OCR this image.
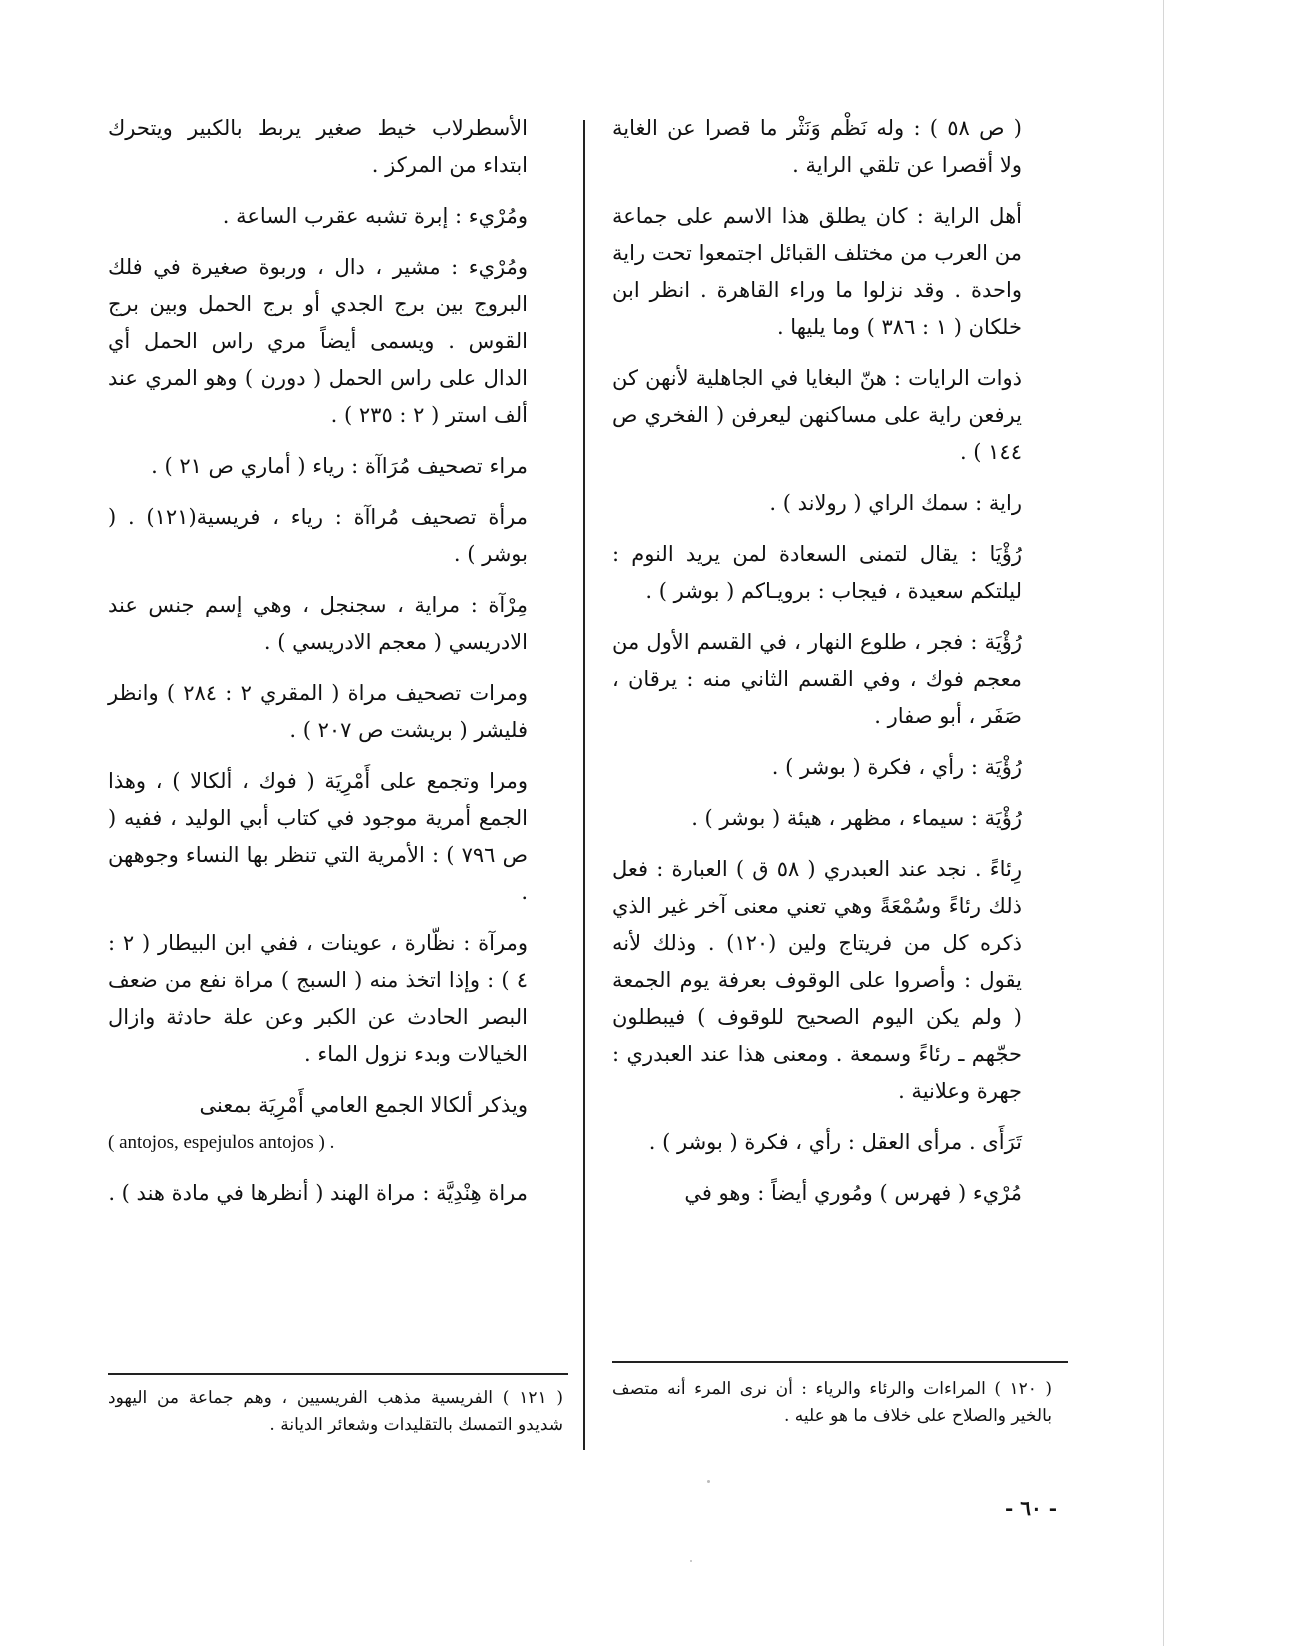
( ص ٥٨ ) : وله نَظْم وَنَثْر ما قصرا عن الغاية ولا أقصرا عن تلقي الراية .

أهل الراية : كان يطلق هذا الاسم على جماعة من العرب من مختلف القبائل اجتمعوا تحت راية واحدة . وقد نزلوا ما وراء القاهرة . انظر ابن خلكان ( ١ : ٣٨٦ ) وما يليها .

ذوات الرايات : هنّ البغايا في الجاهلية لأنهن كن يرفعن راية على مساكنهن ليعرفن ( الفخري ص ١٤٤ ) .

راية : سمك الراي ( رولاند ) .

رُؤْيَا : يقال لتمنى السعادة لمن يريد النوم : ليلتكم سعيدة ، فيجاب : برويـاكم ( بوشر ) .

رُؤْيَة : فجر ، طلوع النهار ، في القسم الأول من معجم فوك ، وفي القسم الثاني منه : يرقان ، صَفَر ، أبو صفار .

رُؤْيَة : رأي ، فكرة ( بوشر ) .

رُؤْيَة : سيماء ، مظهر ، هيئة ( بوشر ) .

رِئاءً . نجد عند العبدري ( ٥٨ ق ) العبارة : فعل ذلك رئاءً وسُمْعَةً وهي تعني معنى آخر غير الذي ذكره كل من فريتاج ولين (١٢٠) . وذلك لأنه يقول : وأصروا على الوقوف بعرفة يوم الجمعة ( ولم يكن اليوم الصحيح للوقوف ) فيبطلون حجّهم ـ رئاءً وسمعة . ومعنى هذا عند العبدري : جهرة وعلانية .

تَرَأَى . مرأى العقل : رأي ، فكرة ( بوشر ) .

مُرْيء ( فهرس ) ومُوري أيضاً : وهو في

الأسطرلاب خيط صغير يربط بالكبير ويتحرك ابتداء من المركز .

ومُرْيء : إبرة تشبه عقرب الساعة .

ومُرْيء : مشير ، دال ، وربوة صغيرة في فلك البروج بين برج الجدي أو برج الحمل وبين برج القوس . ويسمى أيضاً مري راس الحمل أي الدال على راس الحمل ( دورن ) وهو المري عند ألف استر ( ٢ : ٢٣٥ ) .

مراء تصحيف مُرَاآة : رياء ( أماري ص ٢١ ) .

مرأة تصحيف مُراآة : رياء ، فريسية(١٢١) . ( بوشر ) .

مِرْآة : مراية ، سجنجل ، وهي إسم جنس عند الادريسي ( معجم الادريسي ) .

ومرات تصحيف مراة ( المقري ٢ : ٢٨٤ ) وانظر فليشر ( بريشت ص ٢٠٧ ) .

ومرا وتجمع على أَمْرِيَة ( فوك ، ألكالا ) ، وهذا الجمع أمرية موجود في كتاب أبي الوليد ، ففيه ( ص ٧٩٦ ) : الأمرية التي تنظر بها النساء وجوههن .

ومرآة : نظّارة ، عوينات ، ففي ابن البيطار ( ٢ : ٤ ) : وإذا اتخذ منه ( السبج ) مراة نفع من ضعف البصر الحادث عن الكبر وعن علة حادثة وازال الخيالات وبدء نزول الماء .

ويذكر ألكالا الجمع العامي أَمْرِيَة بمعنى

( antojos, espejulos antojos ) .

مراة هِنْدِيَّة : مراة الهند ( أنظرها في مادة هند ) .

( ١٢٠ ) المراءات والرئاء والرياء : أن نرى المرء أنه متصف بالخير والصلاح على خلاف ما هو عليه .
( ١٢١ ) الفريسية مذهب الفريسيين ، وهم جماعة من اليهود شديدو التمسك بالتقليدات وشعائر الديانة .
- ٦٠ -
